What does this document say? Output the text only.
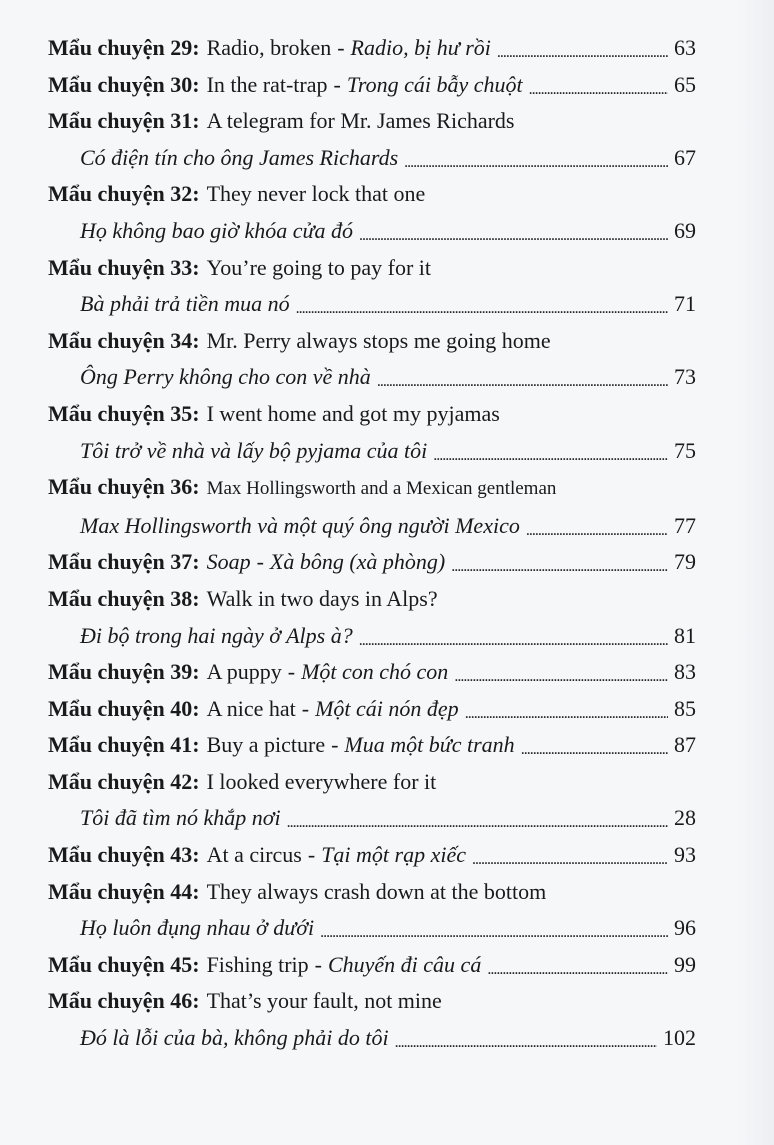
Mẩu chuyện 29: Radio, broken - Radio, bị hư rồi . . .	63
Mẩu chuyện 30: In the rat-trap - Trong cái bẫy chuột . . .	65
Mẩu chuyện 31: A telegram for Mr. James Richards
Có điện tín cho ông James Richards . . .	67
Mẩu chuyện 32: They never lock that one
Họ không bao giờ khóa cửa đó . . .	69
Mẩu chuyện 33: You’re going to pay for it
Bà phải trả tiền mua nó . . .	71
Mẩu chuyện 34: Mr. Perry always stops me going home
Ông Perry không cho con về nhà . . .	73
Mẩu chuyện 35: I went home and got my pyjamas
Tôi trở về nhà và lấy bộ pyjama của tôi . . .	75
Mẩu chuyện 36: Max Hollingsworth and a Mexican gentleman
Max Hollingsworth và một quý ông người Mexico . . .	77
Mẩu chuyện 37: Soap - Xà bông (xà phòng) . . .	79
Mẩu chuyện 38: Walk in two days in Alps?
Đi bộ trong hai ngày ở Alps à? . . .	81
Mẩu chuyện 39: A puppy - Một con chó con . . .	83
Mẩu chuyện 40: A nice hat - Một cái nón đẹp . . .	85
Mẩu chuyện 41: Buy a picture - Mua một bức tranh . . .	87
Mẩu chuyện 42: I looked everywhere for it
Tôi đã tìm nó khắp nơi . . .	28
Mẩu chuyện 43: At a circus - Tại một rạp xiếc . . .	93
Mẩu chuyện 44: They always crash down at the bottom
Họ luôn đụng nhau ở dưới . . .	96
Mẩu chuyện 45: Fishing trip - Chuyến đi câu cá . . .	99
Mẩu chuyện 46: That’s your fault, not mine
Đó là lỗi của bà, không phải do tôi . . .	102
